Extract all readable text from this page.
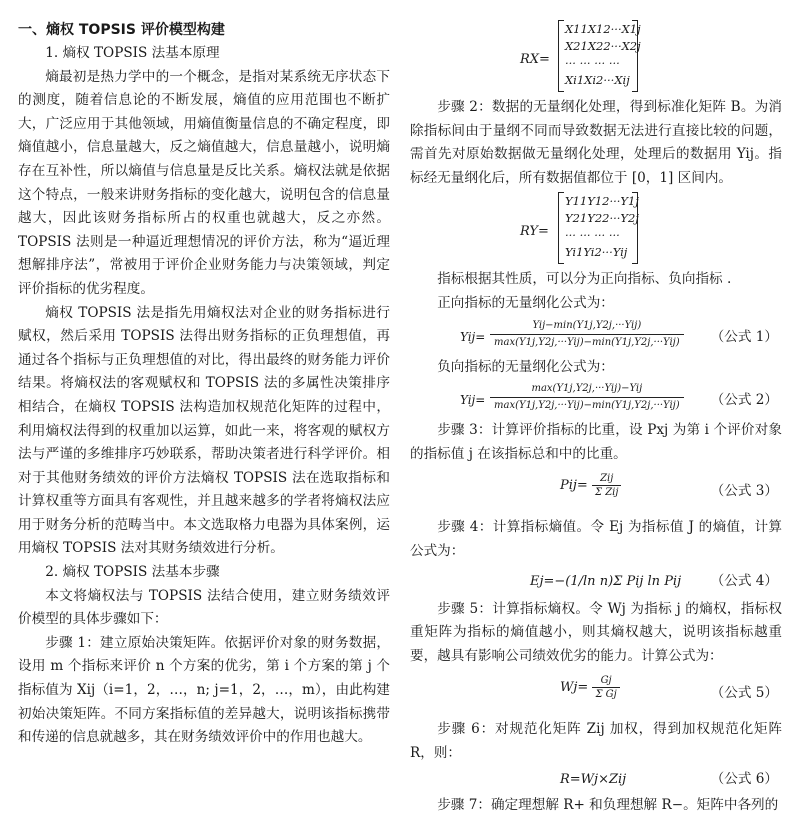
一、熵权 TOPSIS 评价模型构建

1. 熵权 TOPSIS 法基本原理

熵最初是热力学中的一个概念，是指对某系统无序状态下的测度，随着信息论的不断发展，熵值的应用范围也不断扩大，广泛应用于其他领域，用熵值衡量信息的不确定程度，即熵值越小，信息量越大，反之熵值越大，信息量越小，说明熵存在互补性，所以熵值与信息量是反比关系。熵权法就是依据这个特点，一般来讲财务指标的变化越大，说明包含的信息量越大，因此该财务指标所占的权重也就越大，反之亦然。TOPSIS 法则是一种逼近理想情况的评价方法，称为“逼近理想解排序法”，常被用于评价企业财务能力与决策领域，判定评价指标的优劣程度。

熵权 TOPSIS 法是指先用熵权法对企业的财务指标进行赋权，然后采用 TOPSIS 法得出财务指标的正负理想值，再通过各个指标与正负理想值的对比，得出最终的财务能力评价结果。将熵权法的客观赋权和 TOPSIS 法的多属性决策排序相结合，在熵权 TOPSIS 法构造加权规范化矩阵的过程中，利用熵权法得到的权重加以运算，如此一来，将客观的赋权方法与严谨的多维排序巧妙联系，帮助决策者进行科学评价。相对于其他财务绩效的评价方法熵权 TOPSIS 法在选取指标和计算权重等方面具有客观性，并且越来越多的学者将熵权法应用于财务分析的范畴当中。本文选取格力电器为具体案例，运用熵权 TOPSIS 法对其财务绩效进行分析。

2. 熵权 TOPSIS 法基本步骤

本文将熵权法与 TOPSIS 法结合使用，建立财务绩效评价模型的具体步骤如下：

步骤 1：建立原始决策矩阵。依据评价对象的财务数据，设用 m 个指标来评价 n 个方案的优劣，第 i 个方案的第 j 个指标值为 Xij（i=1，2，…，n; j=1，2，…，m），由此构建初始决策矩阵。不同方案指标值的差异越大，说明该指标携带和传递的信息就越多，其在财务绩效评价中的作用也越大。

RX=
X11X12···X1j
X21X22···X2j
··· ··· ··· ···
Xi1Xi2···Xij

步骤 2：数据的无量纲化处理，得到标准化矩阵 B。为消除指标间由于量纲不同而导致数据无法进行直接比较的问题，需首先对原始数据做无量纲化处理，处理后的数据用 Yij。指标经无量纲化后，所有数据值都位于 [0，1] 区间内。

RY=
Y11Y12···Y1j
Y21Y22···Y2j
··· ··· ··· ···
Yi1Yi2···Yij

指标根据其性质，可以分为正向指标、负向指标 .

正向指标的无量纲化公式为：

Yij=
Yij−min(Y1j,Y2j,···Yij)
max(Y1j,Y2j,···Yij)−min(Y1j,Y2j,···Yij) （公式 1）

负向指标的无量纲化公式为：

Yij=
max(Y1j,Y2j,···Yij)−Yij
max(Y1j,Y2j,···Yij)−min(Y1j,Y2j,···Yij) （公式 2）

步骤 3：计算评价指标的比重，设 Pxj 为第 i 个评价对象的指标值 j 在该指标总和中的比重。

$Pij= \frac{\text{Zij}}{\text{Σ Zij}}$	（公式 3）

步骤 4：计算指标熵值。令 Ej 为指标值 J 的熵值，计算公式为：

Ej=−(1/ln n)Σ Pij ln Pij （公式 4）

步骤 5：计算指标熵权。令 Wj 为指标 j 的熵权，指标权重矩阵为指标的熵值越小，则其熵权越大，说明该指标越重要，越具有影响公司绩效优劣的能力。计算公式为：

$Wj= \frac{Gj}{\text{Σ Gj}}$	（公式 5）

步骤 6：对规范化矩阵 Zij 加权，得到加权规范化矩阵 R，则：

R=Wj×Zij	（公式 6）

步骤 7：确定理想解 R+ 和负理想解 R−。矩阵中各列的
